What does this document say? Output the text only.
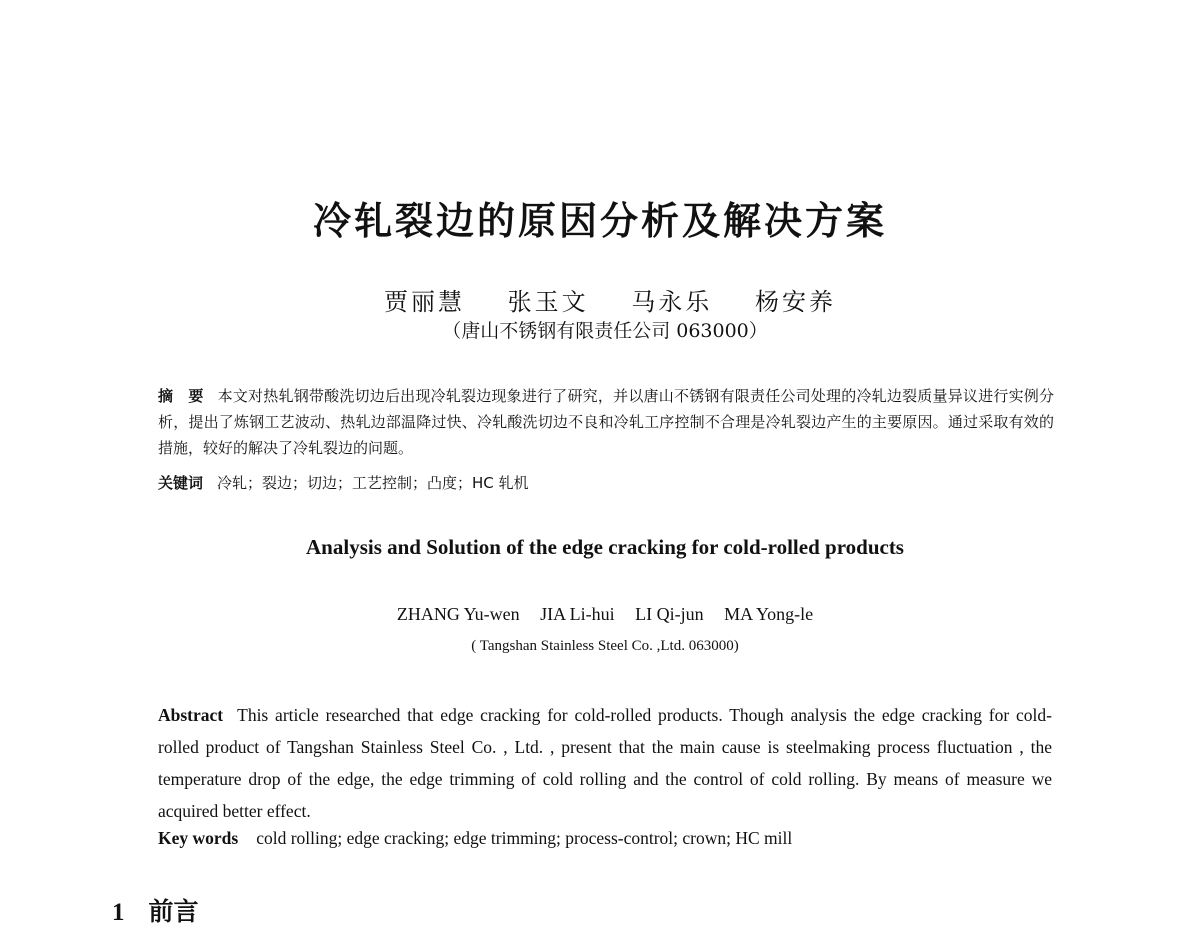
冷轧裂边的原因分析及解决方案
贾丽慧 张玉文 马永乐 杨安养
（唐山不锈钢有限责任公司 063000）
摘　要 本文对热轧钢带酸洗切边后出现冷轧裂边现象进行了研究，并以唐山不锈钢有限责任公司处理的冷轧边裂质量异议进行实例分析，提出了炼钢工艺波动、热轧边部温降过快、冷轧酸洗切边不良和冷轧工序控制不合理是冷轧裂边产生的主要原因。通过采取有效的措施，较好的解决了冷轧裂边的问题。
关键词 冷轧；裂边；切边；工艺控制；凸度；HC 轧机
Analysis and Solution of the edge cracking for cold-rolled products
ZHANG Yu-wen JIA Li-hui LI Qi-jun MA Yong-le
( Tangshan Stainless Steel Co. ,Ltd. 063000)
Abstract This article researched that edge cracking for cold-rolled products. Though analysis the edge cracking for cold-rolled product of Tangshan Stainless Steel Co. , Ltd. , present that the main cause is steelmaking process fluctuation , the temperature drop of the edge, the edge trimming of cold rolling and the control of cold rolling. By means of measure we acquired better effect.
Key words cold rolling; edge cracking; edge trimming; process-control; crown; HC mill
1 前言
